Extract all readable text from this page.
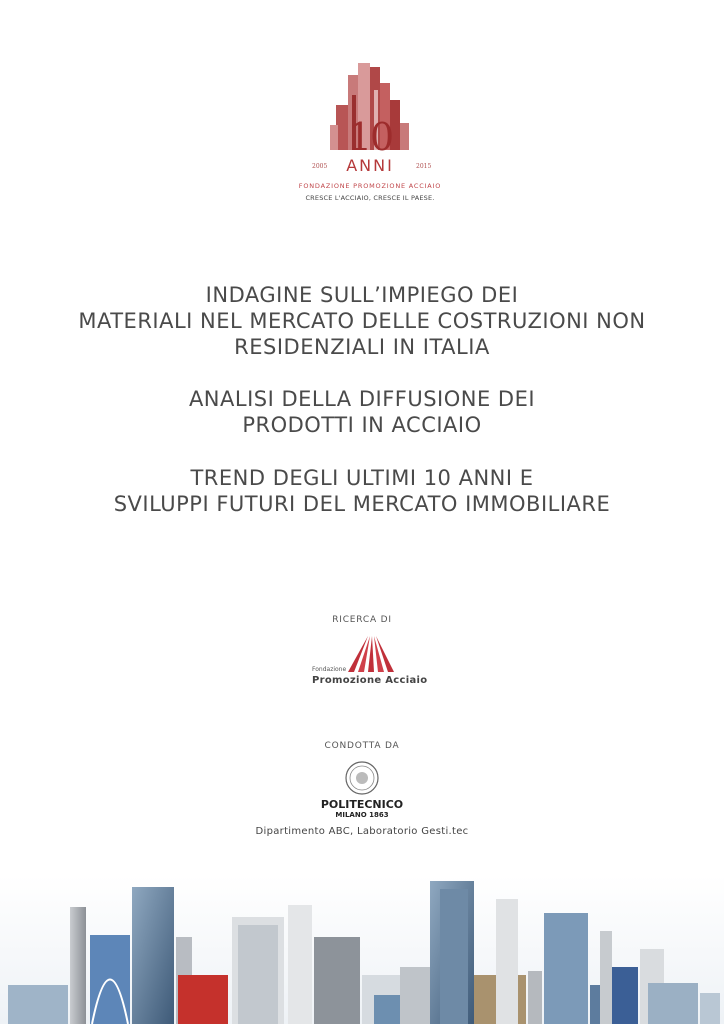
10
2005	ANNI	2015
FONDAZIONE PROMOZIONE ACCIAIO
CRESCE L'ACCIAIO, CRESCE IL PAESE.
INDAGINE SULL’IMPIEGO DEI
MATERIALI NEL MERCATO DELLE COSTRUZIONI NON
RESIDENZIALI IN ITALIA
ANALISI DELLA DIFFUSIONE DEI
PRODOTTI IN ACCIAIO
TREND DEGLI ULTIMI 10 ANNI E
SVILUPPI FUTURI DEL MERCATO IMMOBILIARE
RICERCA DI
Fondazione
Promozione Acciaio
CONDOTTA DA
POLITECNICO
MILANO 1863
Dipartimento ABC, Laboratorio Gesti.tec
